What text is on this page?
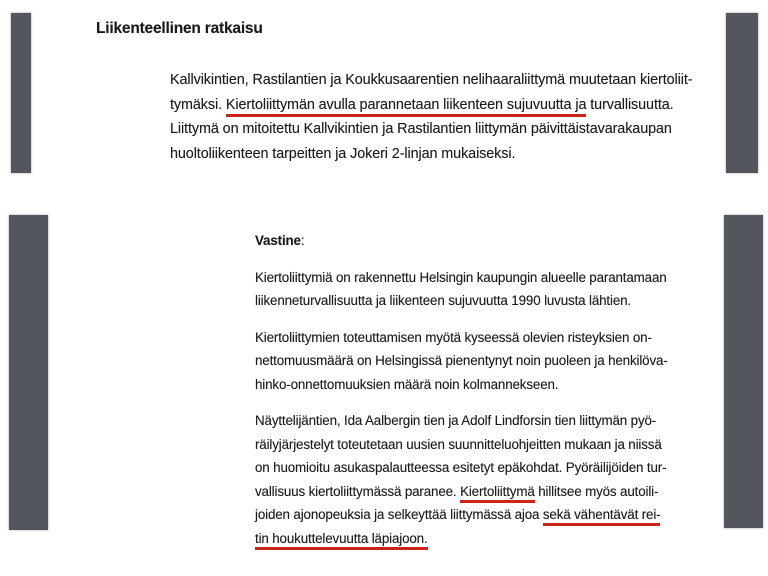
Liikenteellinen ratkaisu
Kallvikintien, Rastilantien ja Koukkusaarentien nelihaaraliittymä muutetaan kiertoliit-
tymäksi. Kiertoliittymän avulla parannetaan liikenteen sujuvuutta ja turvallisuutta.
Liittymä on mitoitettu Kallvikintien ja Rastilantien liittymän päivittäistavarakaupan
huoltoliikenteen tarpeitten ja Jokeri 2-linjan mukaiseksi.
Vastine:
Kiertoliittymiä on rakennettu Helsingin kaupungin alueelle parantamaan
liikenneturvallisuutta ja liikenteen sujuvuutta 1990 luvusta lähtien.
Kiertoliittymien toteuttamisen myötä kyseessä olevien risteyksien on-
nettomuusmäärä on Helsingissä pienentynyt noin puoleen ja henkilöva-
hinko-onnettomuuksien määrä noin kolmannekseen.
Näyttelijäntien, Ida Aalbergin tien ja Adolf Lindforsin tien liittymän pyö-
räilyjärjestelyt toteutetaan uusien suunnitteluohjeitten mukaan ja niissä
on huomioitu asukaspalautteessa esitetyt epäkohdat. Pyöräilijöiden tur-
vallisuus kiertoliittymässä paranee. Kiertoliittymä hillitsee myös autoili-
joiden ajonopeuksia ja selkeyttää liittymässä ajoa sekä vähentävät rei-
tin houkuttelevuutta läpiajoon.
